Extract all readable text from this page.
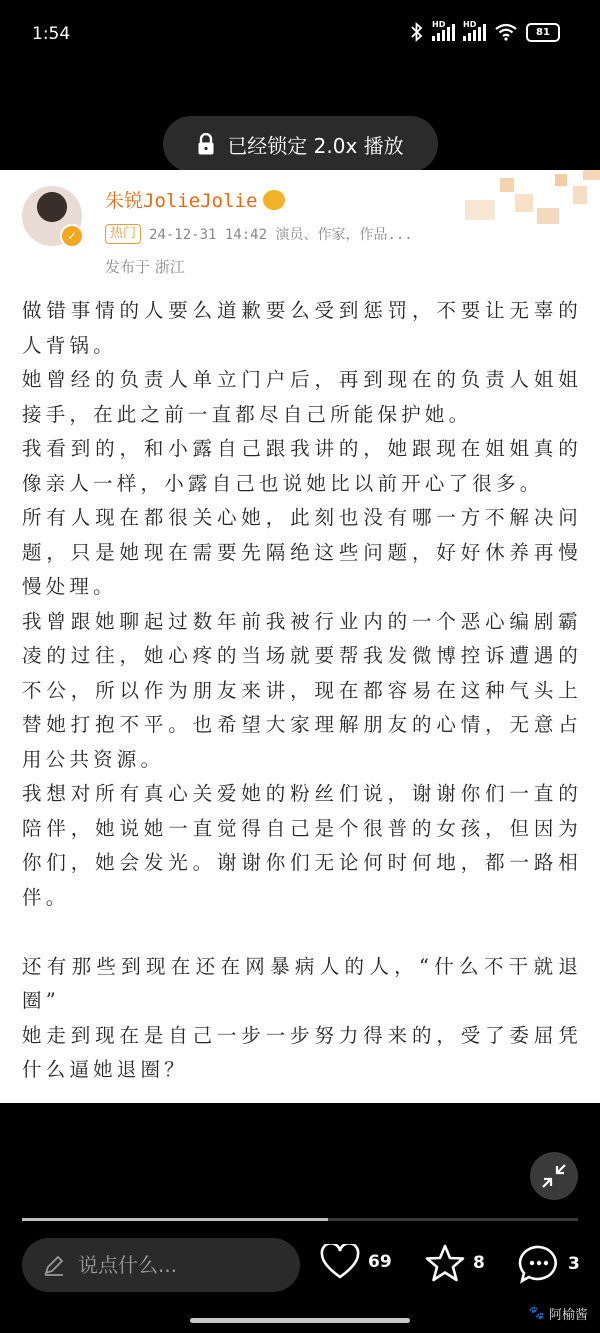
1:54	HD HD
81
已经锁定 2.0x 播放
✓
朱锐JolieJolie
热门 24-12-31 14:42 演员、作家，作品...
发布于 浙江

做错事情的人要么道歉要么受到惩罚，不要让无辜的人背锅。

她曾经的负责人单立门户后，再到现在的负责人姐姐接手，在此之前一直都尽自己所能保护她。

我看到的，和小露自己跟我讲的，她跟现在姐姐真的像亲人一样，小露自己也说她比以前开心了很多。

所有人现在都很关心她，此刻也没有哪一方不解决问题，只是她现在需要先隔绝这些问题，好好休养再慢慢处理。

我曾跟她聊起过数年前我被行业内的一个恶心编剧霸凌的过往，她心疼的当场就要帮我发微博控诉遭遇的不公，所以作为朋友来讲，现在都容易在这种气头上替她打抱不平。也希望大家理解朋友的心情，无意占用公共资源。

我想对所有真心关爱她的粉丝们说，谢谢你们一直的陪伴，她说她一直觉得自己是个很普的女孩，但因为你们，她会发光。谢谢你们无论何时何地，都一路相伴。

还有那些到现在还在网暴病人的人，“什么不干就退圈”

她走到现在是自己一步一步努力得来的，受了委屈凭什么逼她退圈？

说点什么...
69	8	3
🐾 阿榆酱
